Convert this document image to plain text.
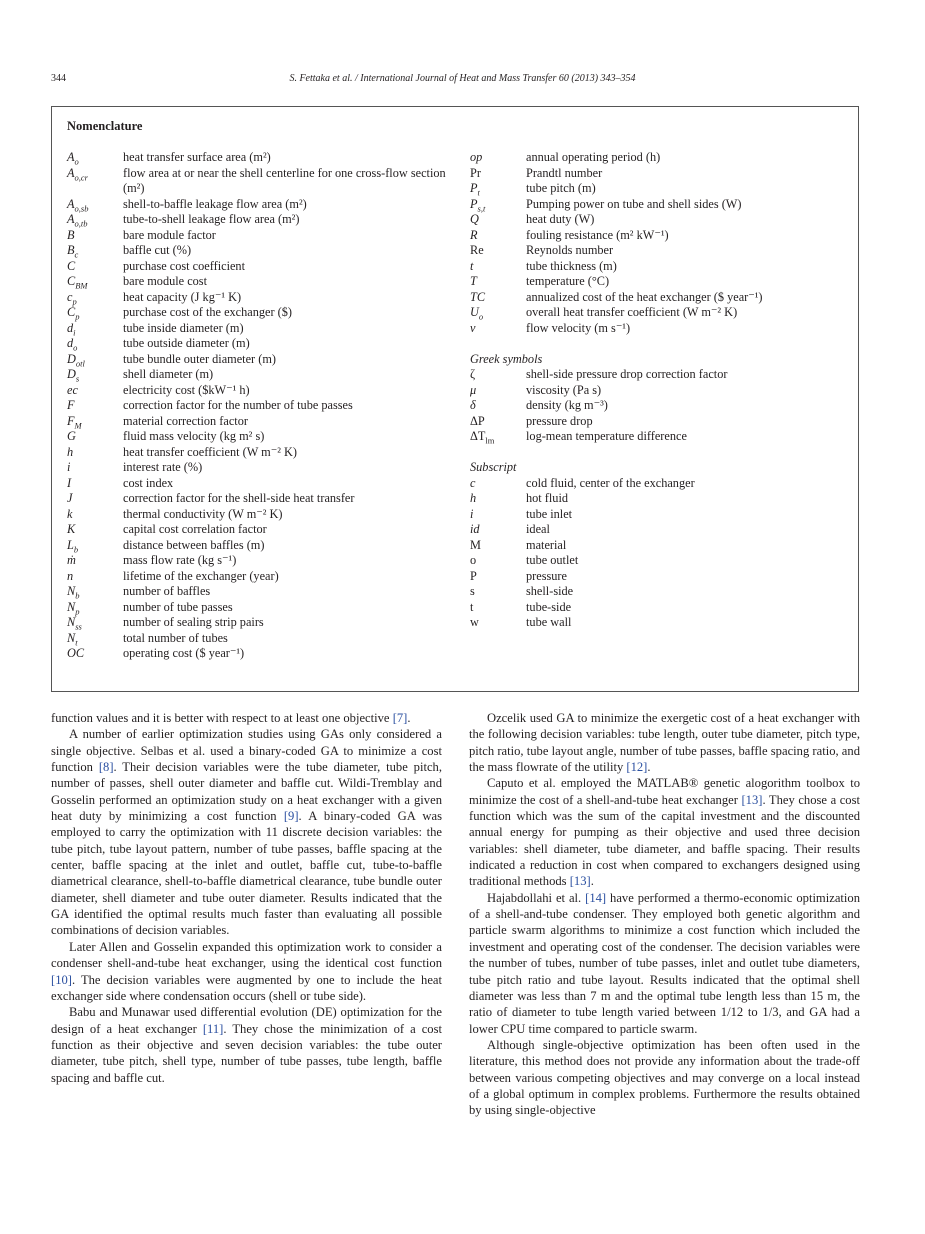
344	S. Fettaka et al. / International Journal of Heat and Mass Transfer 60 (2013) 343–354
Nomenclature
$A_o$	heat transfer surface area (m²)
$A_{o,cr}$	flow area at or near the shell centerline for one cross-flow section (m²)
$A_{o,sb}$	shell-to-baffle leakage flow area (m²)
$A_{o,tb}$	tube-to-shell leakage flow area (m²)
B	bare module factor
$B_c$	baffle cut (%)
C	purchase cost coefficient
$C_{BM}$	bare module cost
$c_p$	heat capacity (J kg⁻¹ K)
$C_p$	purchase cost of the exchanger ($)
$d_i$	tube inside diameter (m)
$d_o$	tube outside diameter (m)
$D_{otl}$	tube bundle outer diameter (m)
$D_s$	shell diameter (m)
ec	electricity cost ($kW⁻¹ h)
F	correction factor for the number of tube passes
$F_M$	material correction factor
G	fluid mass velocity (kg m² s)
h	heat transfer coefficient (W m⁻² K)
i	interest rate (%)
I	cost index
J	correction factor for the shell-side heat transfer
k	thermal conductivity (W m⁻² K)
K	capital cost correlation factor
$L_b$	distance between baffles (m)
ṁ	mass flow rate (kg s⁻¹)
n	lifetime of the exchanger (year)
$N_b$	number of baffles
$N_p$	number of tube passes
$N_{ss}$	number of sealing strip pairs
$N_t$	total number of tubes
OC	operating cost ($ year⁻¹)
op	annual operating period (h)
Pr	Prandtl number
$P_t$	tube pitch (m)
$P_{s,t}$	Pumping power on tube and shell sides (W)
Q	heat duty (W)
R	fouling resistance (m² kW⁻¹)
Re	Reynolds number
t	tube thickness (m)
T	temperature (°C)
TC	annualized cost of the heat exchanger ($ year⁻¹)
$U_o$	overall heat transfer coefficient (W m⁻² K)
v	flow velocity (m s⁻¹)
Greek symbols
ζ	shell-side pressure drop correction factor
μ	viscosity (Pa s)
δ	density (kg m⁻³)
ΔP	pressure drop
$\Delta T_{lm}$	log-mean temperature difference
Subscript
c	cold fluid, center of the exchanger
h	hot fluid
i	tube inlet
id	ideal
M	material
o	tube outlet
P	pressure
s	shell-side
t	tube-side
w	tube wall

function values and it is better with respect to at least one objective [7].

A number of earlier optimization studies using GAs only considered a single objective. Selbas et al. used a binary-coded GA to minimize a cost function [8]. Their decision variables were the tube diameter, tube pitch, number of passes, shell outer diameter and baffle cut. Wildi-Tremblay and Gosselin performed an optimization study on a heat exchanger with a given heat duty by minimizing a cost function [9]. A binary-coded GA was employed to carry the optimization with 11 discrete decision variables: the tube pitch, tube layout pattern, number of tube passes, baffle spacing at the center, baffle spacing at the inlet and outlet, baffle cut, tube-to-baffle diametrical clearance, shell-to-baffle diametrical clearance, tube bundle outer diameter, shell diameter and tube outer diameter. Results indicated that the GA identified the optimal results much faster than evaluating all possible combinations of decision variables.

Later Allen and Gosselin expanded this optimization work to consider a condenser shell-and-tube heat exchanger, using the identical cost function [10]. The decision variables were augmented by one to include the heat exchanger side where condensation occurs (shell or tube side).

Babu and Munawar used differential evolution (DE) optimization for the design of a heat exchanger [11]. They chose the minimization of a cost function as their objective and seven decision variables: the tube outer diameter, tube pitch, shell type, number of tube passes, tube length, baffle spacing and baffle cut.

Ozcelik used GA to minimize the exergetic cost of a heat exchanger with the following decision variables: tube length, outer tube diameter, pitch type, pitch ratio, tube layout angle, number of tube passes, baffle spacing ratio, and the mass flowrate of the utility [12].

Caputo et al. employed the MATLAB® genetic alogorithm toolbox to minimize the cost of a shell-and-tube heat exchanger [13]. They chose a cost function which was the sum of the capital investment and the discounted annual energy for pumping as their objective and used three decision variables: shell diameter, tube diameter, and baffle spacing. Their results indicated a reduction in cost when compared to exchangers designed using traditional methods [13].

Hajabdollahi et al. [14] have performed a thermo-economic optimization of a shell-and-tube condenser. They employed both genetic algorithm and particle swarm algorithms to minimize a cost function which included the investment and operating cost of the condenser. The decision variables were the number of tubes, number of tube passes, inlet and outlet tube diameters, tube pitch ratio and tube layout. Results indicated that the optimal shell diameter was less than 7 m and the optimal tube length less than 15 m, the ratio of diameter to tube length varied between 1/12 to 1/3, and GA had a lower CPU time compared to particle swarm.

Although single-objective optimization has been often used in the literature, this method does not provide any information about the trade-off between various competing objectives and may converge on a local instead of a global optimum in complex problems. Furthermore the results obtained by using single-objective
